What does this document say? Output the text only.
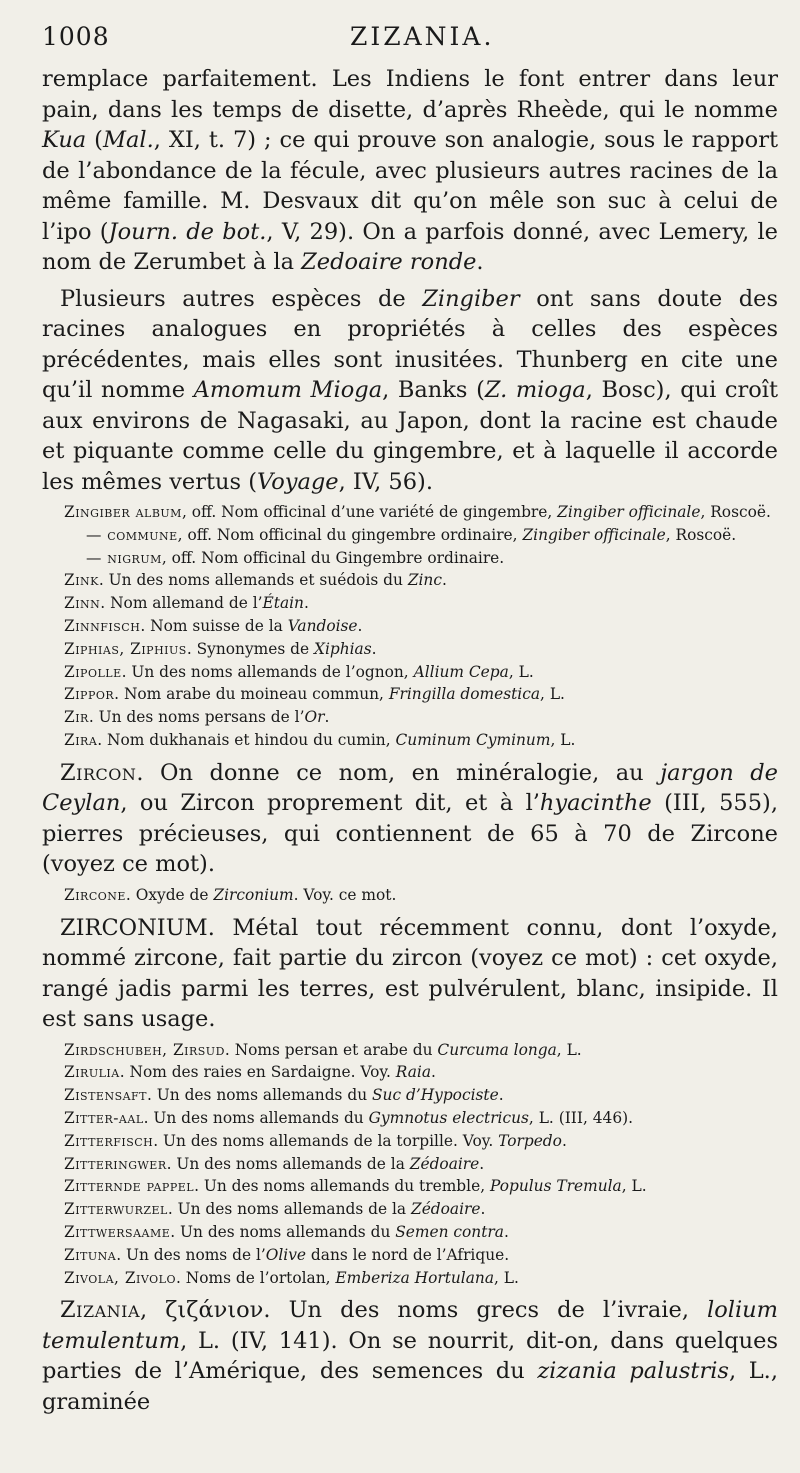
1008	ZIZANIA.

remplace parfaitement. Les Indiens le font entrer dans leur pain, dans les temps de disette, d’après Rheède, qui le nomme Kua (Mal., XI, t. 7) ; ce qui prouve son analogie, sous le rapport de l’abondance de la fécule, avec plusieurs autres racines de la même famille. M. Desvaux dit qu’on mêle son suc à celui de l’ipo (Journ. de bot., V, 29). On a parfois donné, avec Lemery, le nom de Zerumbet à la Zedoaire ronde.

Plusieurs autres espèces de Zingiber ont sans doute des racines analogues en propriétés à celles des espèces précédentes, mais elles sont inusitées. Thunberg en cite une qu’il nomme Amomum Mioga, Banks (Z. mioga, Bosc), qui croît aux environs de Nagasaki, au Japon, dont la racine est chaude et piquante comme celle du gingembre, et à laquelle il accorde les mêmes vertus (Voyage, IV, 56).

Zingiber album, off. Nom officinal d’une variété de gingembre, Zingiber officinale, Roscoë.

— commune, off. Nom officinal du gingembre ordinaire, Zingiber officinale, Roscoë.

— nigrum, off. Nom officinal du Gingembre ordinaire.

Zink. Un des noms allemands et suédois du Zinc.

Zinn. Nom allemand de l’Étain.

Zinnfisch. Nom suisse de la Vandoise.

Ziphias, Ziphius. Synonymes de Xiphias.

Zipolle. Un des noms allemands de l’ognon, Allium Cepa, L.

Zippor. Nom arabe du moineau commun, Fringilla domestica, L.

Zir. Un des noms persans de l’Or.

Zira. Nom dukhanais et hindou du cumin, Cuminum Cyminum, L.

Zircon. On donne ce nom, en minéralogie, au jargon de Ceylan, ou Zircon proprement dit, et à l’hyacinthe (III, 555), pierres précieuses, qui contiennent de 65 à 70 de Zircone (voyez ce mot).

Zircone. Oxyde de Zirconium. Voy. ce mot.

ZIRCONIUM. Métal tout récemment connu, dont l’oxyde, nommé zircone, fait partie du zircon (voyez ce mot) : cet oxyde, rangé jadis parmi les terres, est pulvérulent, blanc, insipide. Il est sans usage.

Zirdschubeh, Zirsud. Noms persan et arabe du Curcuma longa, L.

Zirulia. Nom des raies en Sardaigne. Voy. Raia.

Zistensaft. Un des noms allemands du Suc d’Hypociste.

Zitter-aal. Un des noms allemands du Gymnotus electricus, L. (III, 446).

Zitterfisch. Un des noms allemands de la torpille. Voy. Torpedo.

Zitteringwer. Un des noms allemands de la Zédoaire.

Zitternde pappel. Un des noms allemands du tremble, Populus Tremula, L.

Zitterwurzel. Un des noms allemands de la Zédoaire.

Zittwersaame. Un des noms allemands du Semen contra.

Zituna. Un des noms de l’Olive dans le nord de l’Afrique.

Zivola, Zivolo. Noms de l’ortolan, Emberiza Hortulana, L.

Zizania, ζιζάνιον. Un des noms grecs de l’ivraie, lolium temulentum, L. (IV, 141). On se nourrit, dit-on, dans quelques parties de l’Amérique, des semences du zizania palustris, L., graminée
